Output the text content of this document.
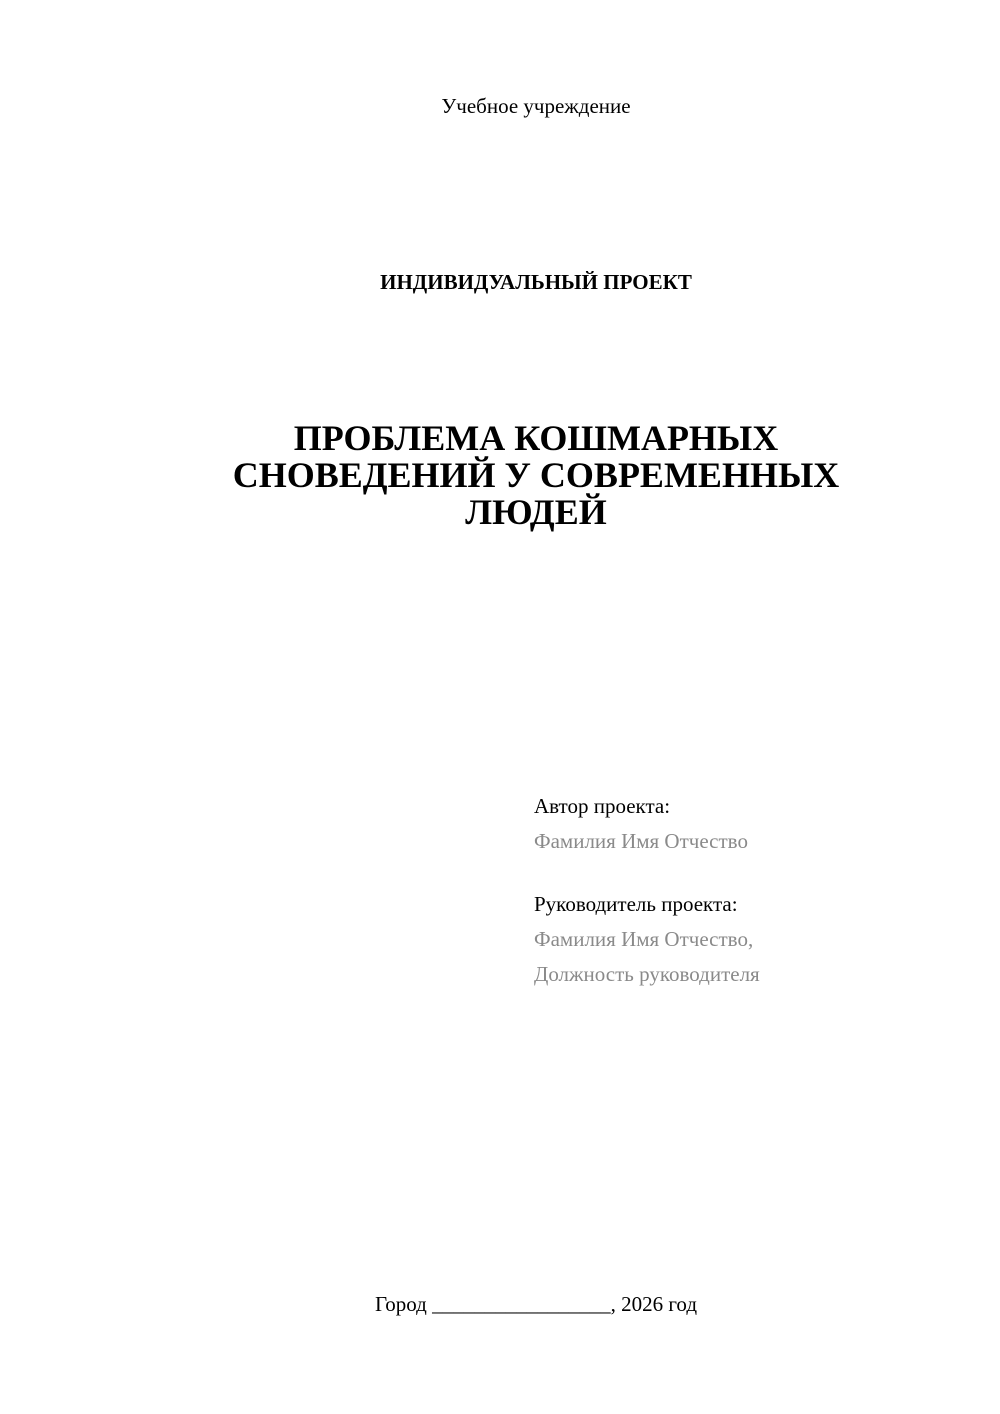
Учебное учреждение
ИНДИВИДУАЛЬНЫЙ ПРОЕКТ
ПРОБЛЕМА КОШМАРНЫХ
СНОВЕДЕНИЙ У СОВРЕМЕННЫХ
ЛЮДЕЙ
Автор проекта:
Фамилия Имя Отчество
Руководитель проекта:
Фамилия Имя Отчество,
Должность руководителя
Город _________________, 2026 год
